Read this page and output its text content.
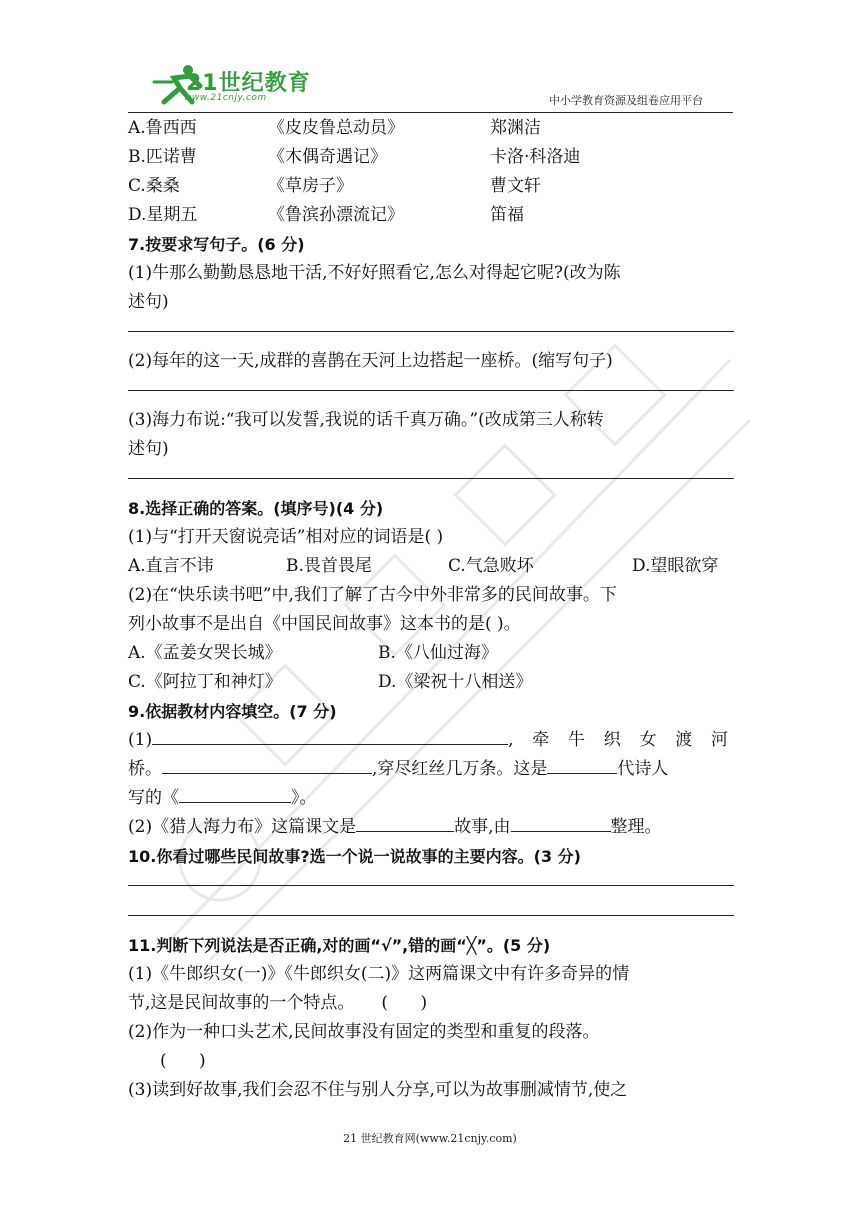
21世纪教育
www.21cnjy.com	中小学教育资源及组卷应用平台
A.鲁西西	《皮皮鲁总动员》	郑渊洁
B.匹诺曹	《木偶奇遇记》	卡洛·科洛迪
C.桑桑	《草房子》	曹文轩
D.星期五	《鲁滨孙漂流记》	笛福
7.按要求写句子。(6 分)
(1)牛那么勤勤恳恳地干活,不好好照看它,怎么对得起它呢?(改为陈
述句)
(2)每年的这一天,成群的喜鹊在天河上边搭起一座桥。(缩写句子)
(3)海力布说:“我可以发誓,我说的话千真万确。”(改成第三人称转
述句)
8.选择正确的答案。(填序号)(4 分)
(1)与“打开天窗说亮话”相对应的词语是( )
A.直言不讳	B.畏首畏尾	C.气急败坏	D.望眼欲穿
(2)在“快乐读书吧”中,我们了解了古今中外非常多的民间故事。下
列小故事不是出自《中国民间故事》这本书的是( )。
A.《孟姜女哭长城》	B.《八仙过海》
C.《阿拉丁和神灯》	D.《梁祝十八相送》
9.依据教材内容填空。(7 分)
(1)	,牵牛织女渡河
桥。	,穿尽红丝几万条。这是	代诗人
写的《	》。
(2)《猎人海力布》这篇课文是	故事,由	整理。
10.你看过哪些民间故事?选一个说一说故事的主要内容。(3 分)
11.判断下列说法是否正确,对的画“√”,错的画“╳”。(5 分)
(1)《牛郎织女(一)》《牛郎织女(二)》这两篇课文中有许多奇异的情
节,这是民间故事的一个特点。     (      )
(2)作为一种口头艺术,民间故事没有固定的类型和重复的段落。
(      )
(3)读到好故事,我们会忍不住与别人分享,可以为故事删减情节,使之
21 世纪教育网(www.21cnjy.com)
